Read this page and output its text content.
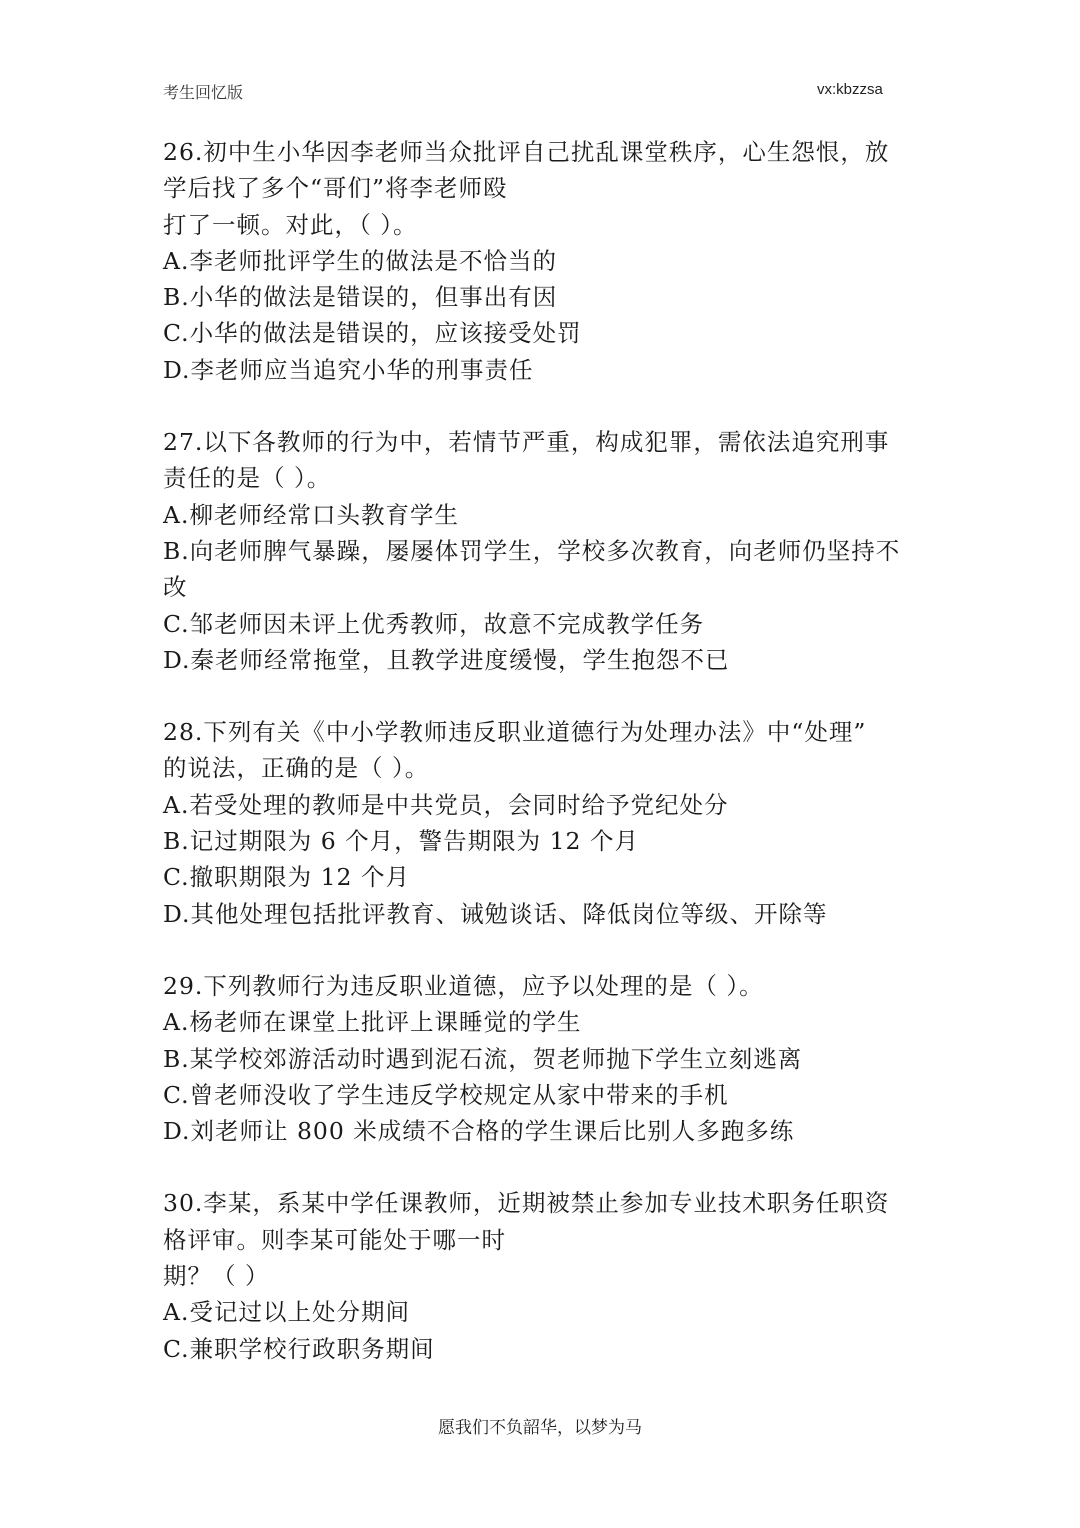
考生回忆版	vx:kbzzsa
26.初中生小华因李老师当众批评自己扰乱课堂秩序，心生怨恨，放
学后找了多个“哥们”将李老师殴
打了一顿。对此，（ ）。
A.李老师批评学生的做法是不恰当的
B.小华的做法是错误的，但事出有因
C.小华的做法是错误的，应该接受处罚
D.李老师应当追究小华的刑事责任
27.以下各教师的行为中，若情节严重，构成犯罪，需依法追究刑事
责任的是（ ）。
A.柳老师经常口头教育学生
B.向老师脾气暴躁，屡屡体罚学生，学校多次教育，向老师仍坚持不
改
C.邹老师因未评上优秀教师，故意不完成教学任务
D.秦老师经常拖堂，且教学进度缓慢，学生抱怨不已
28.下列有关《中小学教师违反职业道德行为处理办法》中“处理”
的说法，正确的是（ ）。
A.若受处理的教师是中共党员，会同时给予党纪处分
B.记过期限为 6 个月，警告期限为 12 个月
C.撤职期限为 12 个月
D.其他处理包括批评教育、诫勉谈话、降低岗位等级、开除等
29.下列教师行为违反职业道德，应予以处理的是（ ）。
A.杨老师在课堂上批评上课睡觉的学生
B.某学校郊游活动时遇到泥石流，贺老师抛下学生立刻逃离
C.曾老师没收了学生违反学校规定从家中带来的手机
D.刘老师让 800 米成绩不合格的学生课后比别人多跑多练
30.李某，系某中学任课教师，近期被禁止参加专业技术职务任职资
格评审。则李某可能处于哪一时
期？（ ）
A.受记过以上处分期间
C.兼职学校行政职务期间
愿我们不负韶华，以梦为马
